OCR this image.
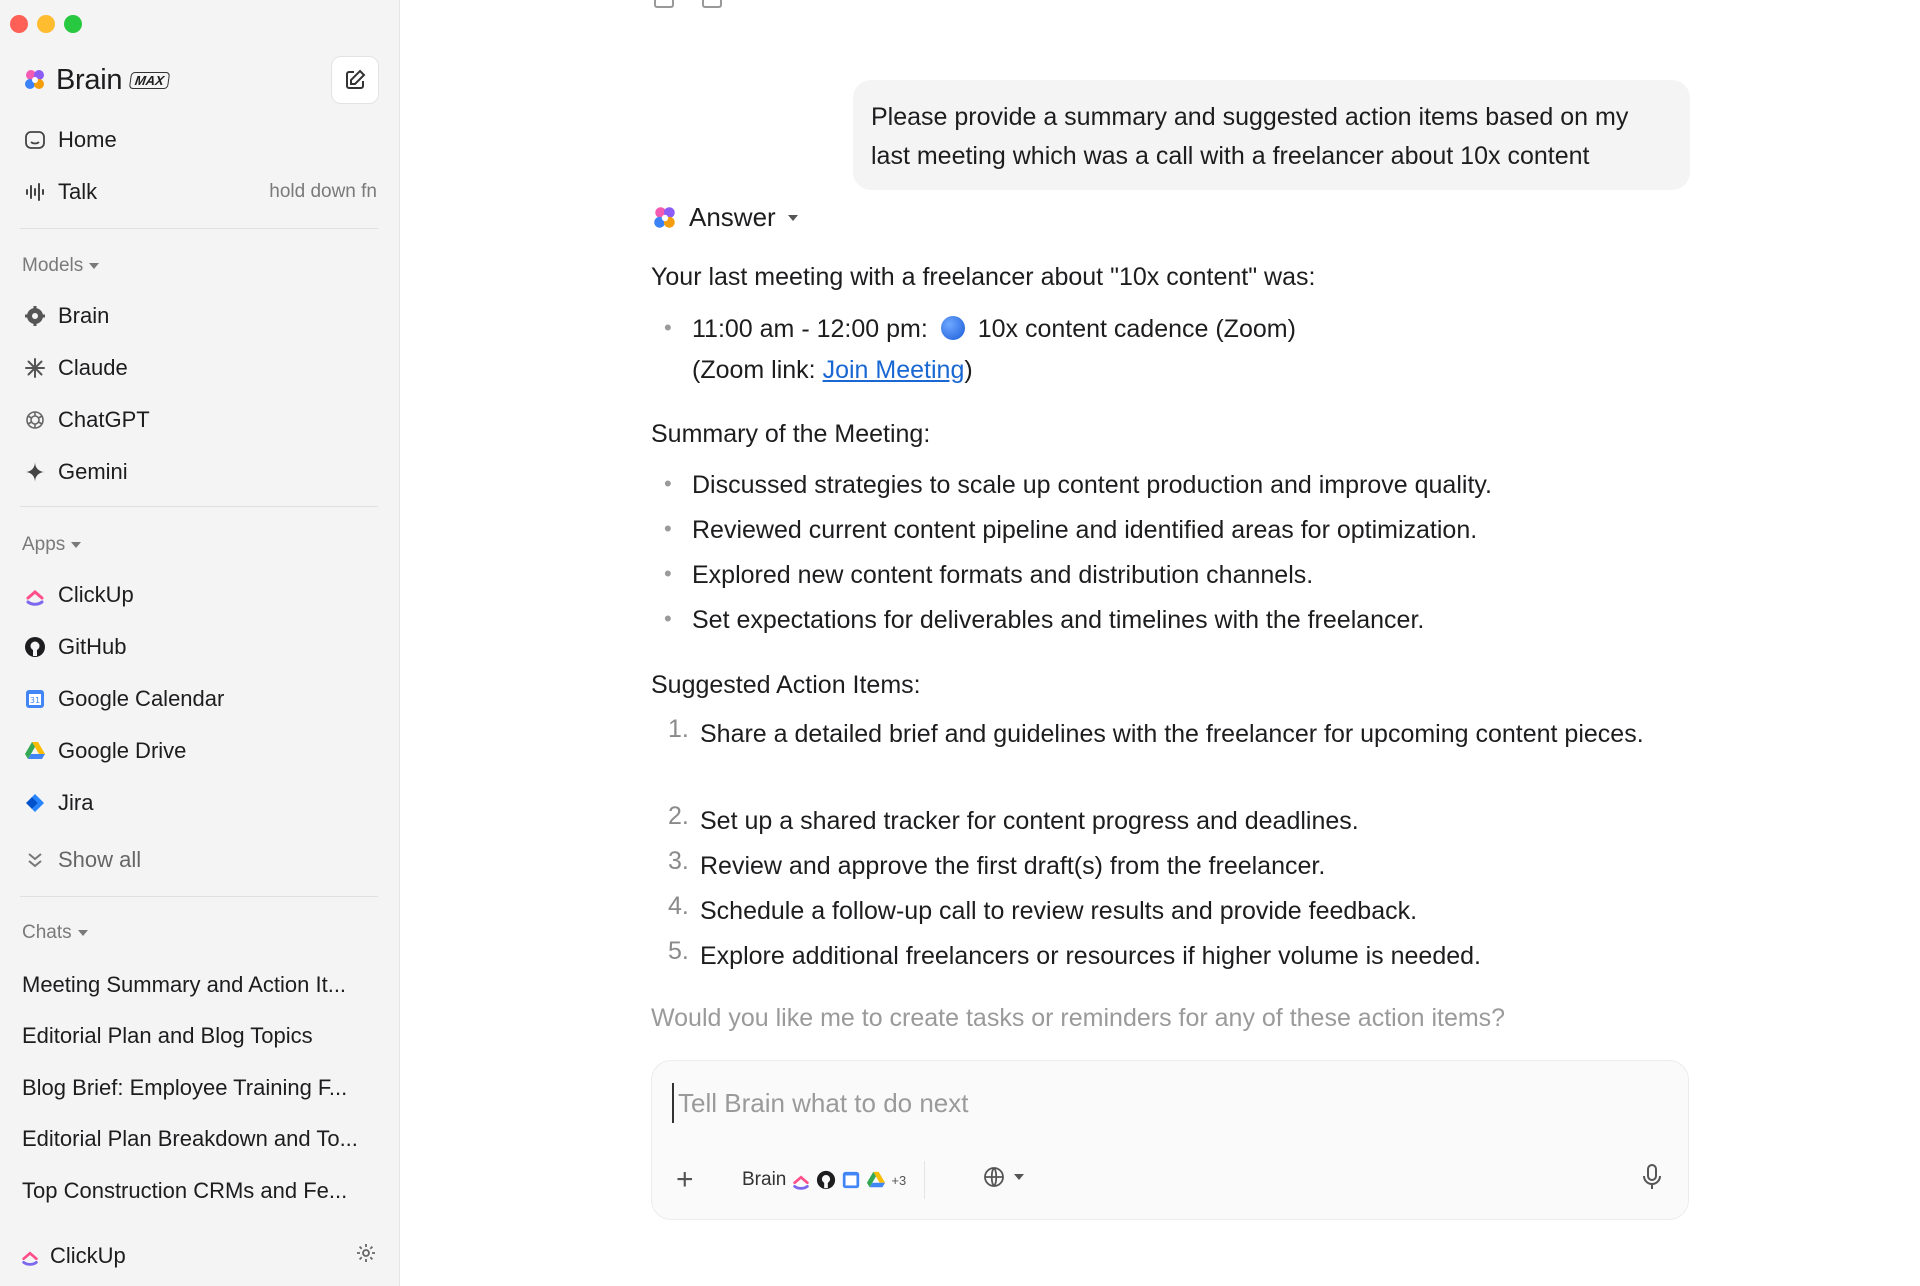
Brain MAX
Home
Talk	hold down fn
Models
Brain
Claude
ChatGPT
Gemini
Apps
ClickUp
GitHub
31 Google Calendar
Google Drive
Jira
Show all
Chats
Meeting Summary and Action It...
Editorial Plan and Blog Topics
Blog Brief: Employee Training F...
Editorial Plan Breakdown and To...
Top Construction CRMs and Fe...
ClickUp
Please provide a summary and suggested action items based on my last meeting which was a call with a freelancer about 10x content
Answer
Your last meeting with a freelancer about "10x content" was:
• 11:00 am - 12:00 pm: 10x content cadence (Zoom)
(Zoom link: Join Meeting)
Summary of the Meeting:
• Discussed strategies to scale up content production and improve quality.
• Reviewed current content pipeline and identified areas for optimization.
• Explored new content formats and distribution channels.
• Set expectations for deliverables and timelines with the freelancer.
Suggested Action Items:
1. Share a detailed brief and guidelines with the freelancer for upcoming content pieces.
2. Set up a shared tracker for content progress and deadlines.
3. Review and approve the first draft(s) from the freelancer.
4. Schedule a follow-up call to review results and provide feedback.
5. Explore additional freelancers or resources if higher volume is needed.
Would you like me to create tasks or reminders for any of these action items?
Tell Brain what to do next
+	Brain	+3
